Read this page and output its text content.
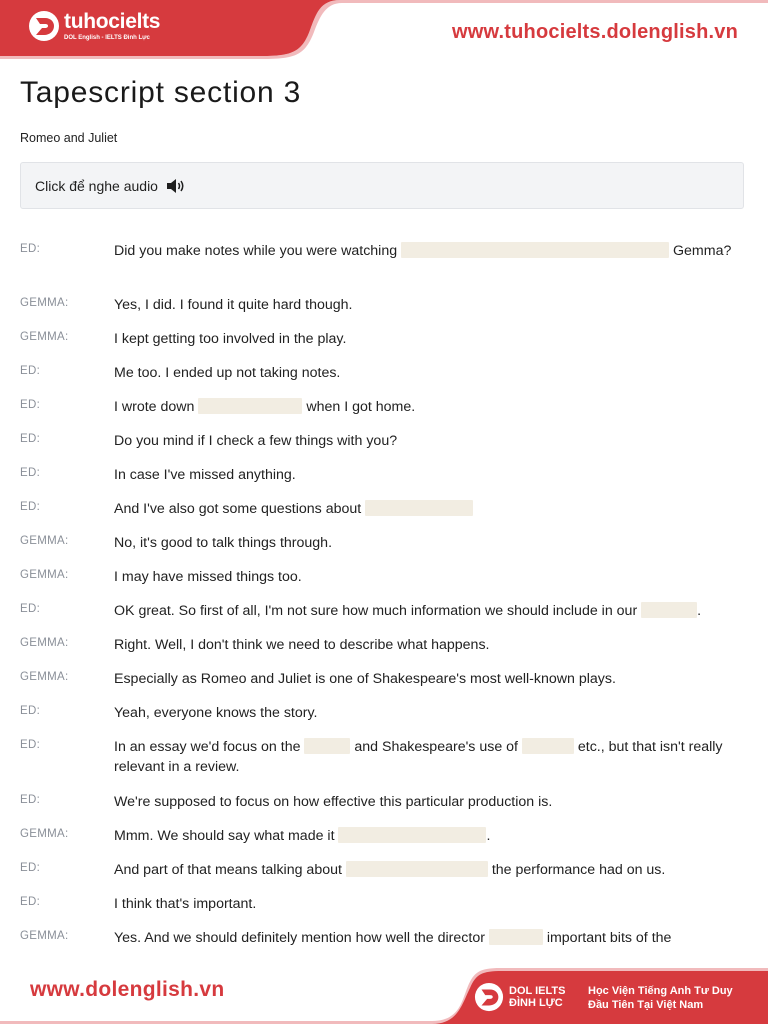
tuhocielts
DOL English - IELTS Đình Lực	www.tuhocielts.dolenglish.vn
Tapescript section 3
Romeo and Juliet
Click để nghe audio
ED:	Did you make notes while you were watching	Gemma?
GEMMA:	Yes, I did. I found it quite hard though.
GEMMA:	I kept getting too involved in the play.
ED:	Me too. I ended up not taking notes.
ED:	I wrote down	when I got home.
ED:	Do you mind if I check a few things with you?
ED:	In case I've missed anything.
ED:	And I've also got some questions about
GEMMA:	No, it's good to talk things through.
GEMMA:	I may have missed things too.
ED:	OK great. So first of all, I'm not sure how much information we should include in our	.
GEMMA:	Right. Well, I don't think we need to describe what happens.
GEMMA:	Especially as Romeo and Juliet is one of Shakespeare's most well-known plays.
ED:	Yeah, everyone knows the story.
ED:	In an essay we'd focus on the	and Shakespeare's use of	etc., but that isn't really relevant in a review.
ED:	We're supposed to focus on how effective this particular production is.
GEMMA:	Mmm. We should say what made it	.
ED:	And part of that means talking about	the performance had on us.
ED:	I think that's important.
GEMMA:	Yes. And we should definitely mention how well the director	important bits of the
www.dolenglish.vn	DOL IELTS
ĐÌNH LỰC
Học Viện Tiếng Anh Tư Duy
Đầu Tiên Tại Việt Nam
